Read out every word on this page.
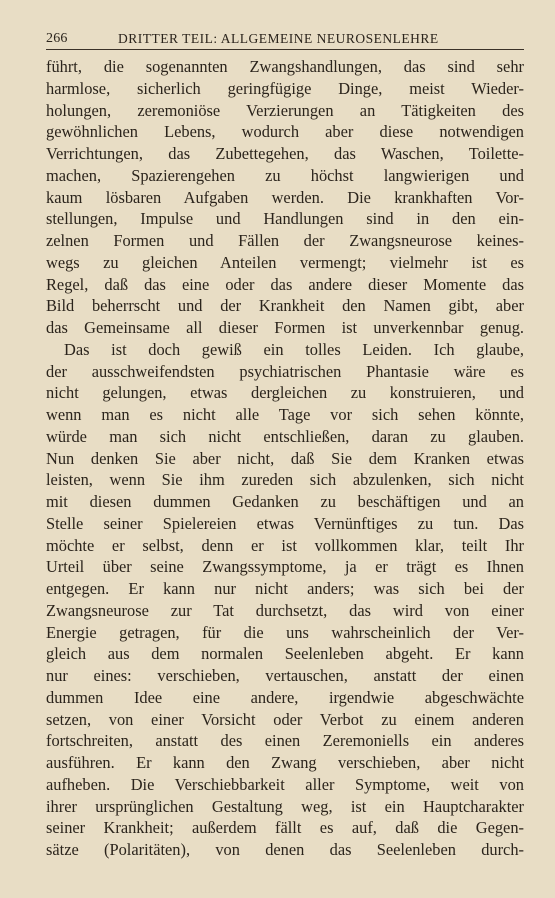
266	DRITTER TEIL: ALLGEMEINE NEUROSENLEHRE
führt, die sogenannten Zwangshandlungen, das sind sehr
harmlose, sicherlich geringfügige Dinge, meist Wieder-
holungen, zeremoniöse Verzierungen an Tätigkeiten des
gewöhnlichen Lebens, wodurch aber diese notwendigen
Verrichtungen, das Zubettegehen, das Waschen, Toilette-
machen, Spazierengehen zu höchst langwierigen und
kaum lösbaren Aufgaben werden. Die krankhaften Vor-
stellungen, Impulse und Handlungen sind in den ein-
zelnen Formen und Fällen der Zwangsneurose keines-
wegs zu gleichen Anteilen vermengt; vielmehr ist es
Regel, daß das eine oder das andere dieser Momente das
Bild beherrscht und der Krankheit den Namen gibt, aber
das Gemeinsame all dieser Formen ist unverkennbar genug.
Das ist doch gewiß ein tolles Leiden. Ich glaube,
der ausschweifendsten psychiatrischen Phantasie wäre es
nicht gelungen, etwas dergleichen zu konstruieren, und
wenn man es nicht alle Tage vor sich sehen könnte,
würde man sich nicht entschließen, daran zu glauben.
Nun denken Sie aber nicht, daß Sie dem Kranken etwas
leisten, wenn Sie ihm zureden sich abzulenken, sich nicht
mit diesen dummen Gedanken zu beschäftigen und an
Stelle seiner Spielereien etwas Vernünftiges zu tun. Das
möchte er selbst, denn er ist vollkommen klar, teilt Ihr
Urteil über seine Zwangssymptome, ja er trägt es Ihnen
entgegen. Er kann nur nicht anders; was sich bei der
Zwangsneurose zur Tat durchsetzt, das wird von einer
Energie getragen, für die uns wahrscheinlich der Ver-
gleich aus dem normalen Seelenleben abgeht. Er kann
nur eines: verschieben, vertauschen, anstatt der einen
dummen Idee eine andere, irgendwie abgeschwächte
setzen, von einer Vorsicht oder Verbot zu einem anderen
fortschreiten, anstatt des einen Zeremoniells ein anderes
ausführen. Er kann den Zwang verschieben, aber nicht
aufheben. Die Verschiebbarkeit aller Symptome, weit von
ihrer ursprünglichen Gestaltung weg, ist ein Hauptcharakter
seiner Krankheit; außerdem fällt es auf, daß die Gegen-
sätze (Polaritäten), von denen das Seelenleben durch-
